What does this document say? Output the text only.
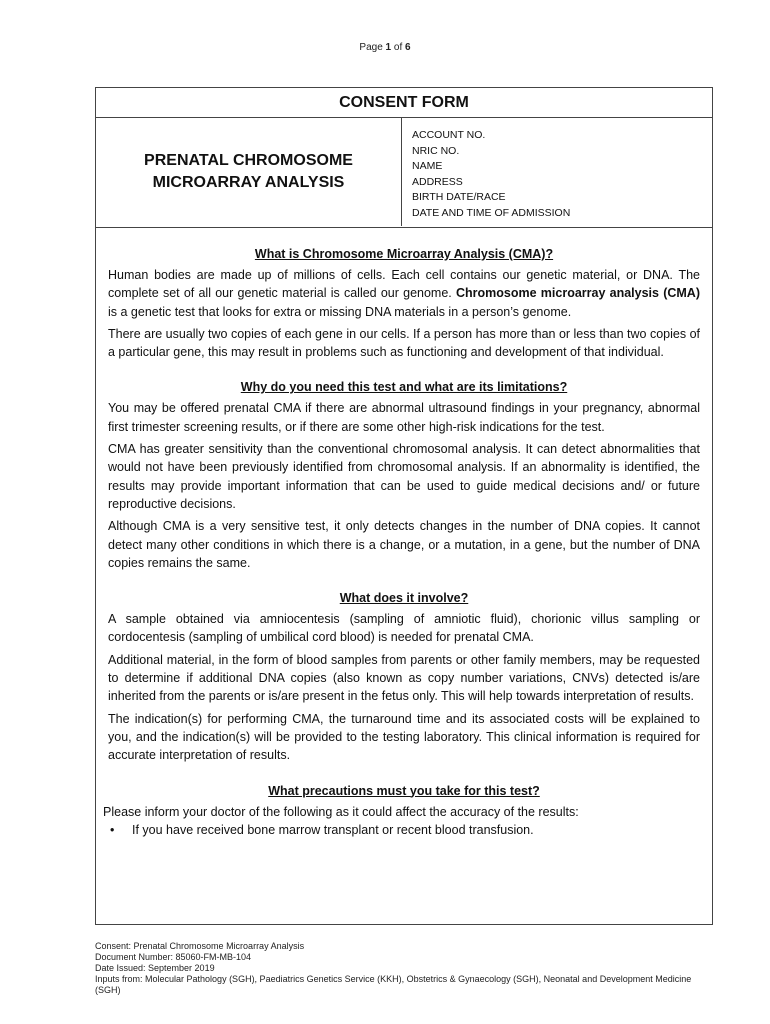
Page 1 of 6
CONSENT FORM
PRENATAL CHROMOSOME
MICROARRAY ANALYSIS
ACCOUNT NO.
NRIC NO.
NAME
ADDRESS
BIRTH DATE/RACE
DATE AND TIME OF ADMISSION
What is Chromosome Microarray Analysis (CMA)?

Human bodies are made up of millions of cells. Each cell contains our genetic material, or DNA. The complete set of all our genetic material is called our genome. Chromosome microarray analysis (CMA) is a genetic test that looks for extra or missing DNA materials in a person’s genome.

There are usually two copies of each gene in our cells. If a person has more than or less than two copies of a particular gene, this may result in problems such as functioning and development of that individual.

Why do you need this test and what are its limitations?

You may be offered prenatal CMA if there are abnormal ultrasound findings in your pregnancy, abnormal first trimester screening results, or if there are some other high-risk indications for the test.

CMA has greater sensitivity than the conventional chromosomal analysis. It can detect abnormalities that would not have been previously identified from chromosomal analysis. If an abnormality is identified, the results may provide important information that can be used to guide medical decisions and/ or future reproductive decisions.

Although CMA is a very sensitive test, it only detects changes in the number of DNA copies. It cannot detect many other conditions in which there is a change, or a mutation, in a gene, but the number of DNA copies remains the same.

What does it involve?

A sample obtained via amniocentesis (sampling of amniotic fluid), chorionic villus sampling or cordocentesis (sampling of umbilical cord blood) is needed for prenatal CMA.

Additional material, in the form of blood samples from parents or other family members, may be requested to determine if additional DNA copies (also known as copy number variations, CNVs) detected is/are inherited from the parents or is/are present in the fetus only. This will help towards interpretation of results.

The indication(s) for performing CMA, the turnaround time and its associated costs will be explained to you, and the indication(s) will be provided to the testing laboratory. This clinical information is required for accurate interpretation of results.

What precautions must you take for this test?

Please inform your doctor of the following as it could affect the accuracy of the results:

•	If you have received bone marrow transplant or recent blood transfusion.

Consent: Prenatal Chromosome Microarray Analysis
Document Number: 85060-FM-MB-104
Date Issued: September 2019
Inputs from: Molecular Pathology (SGH), Paediatrics Genetics Service (KKH), Obstetrics & Gynaecology (SGH), Neonatal and Development Medicine (SGH)
